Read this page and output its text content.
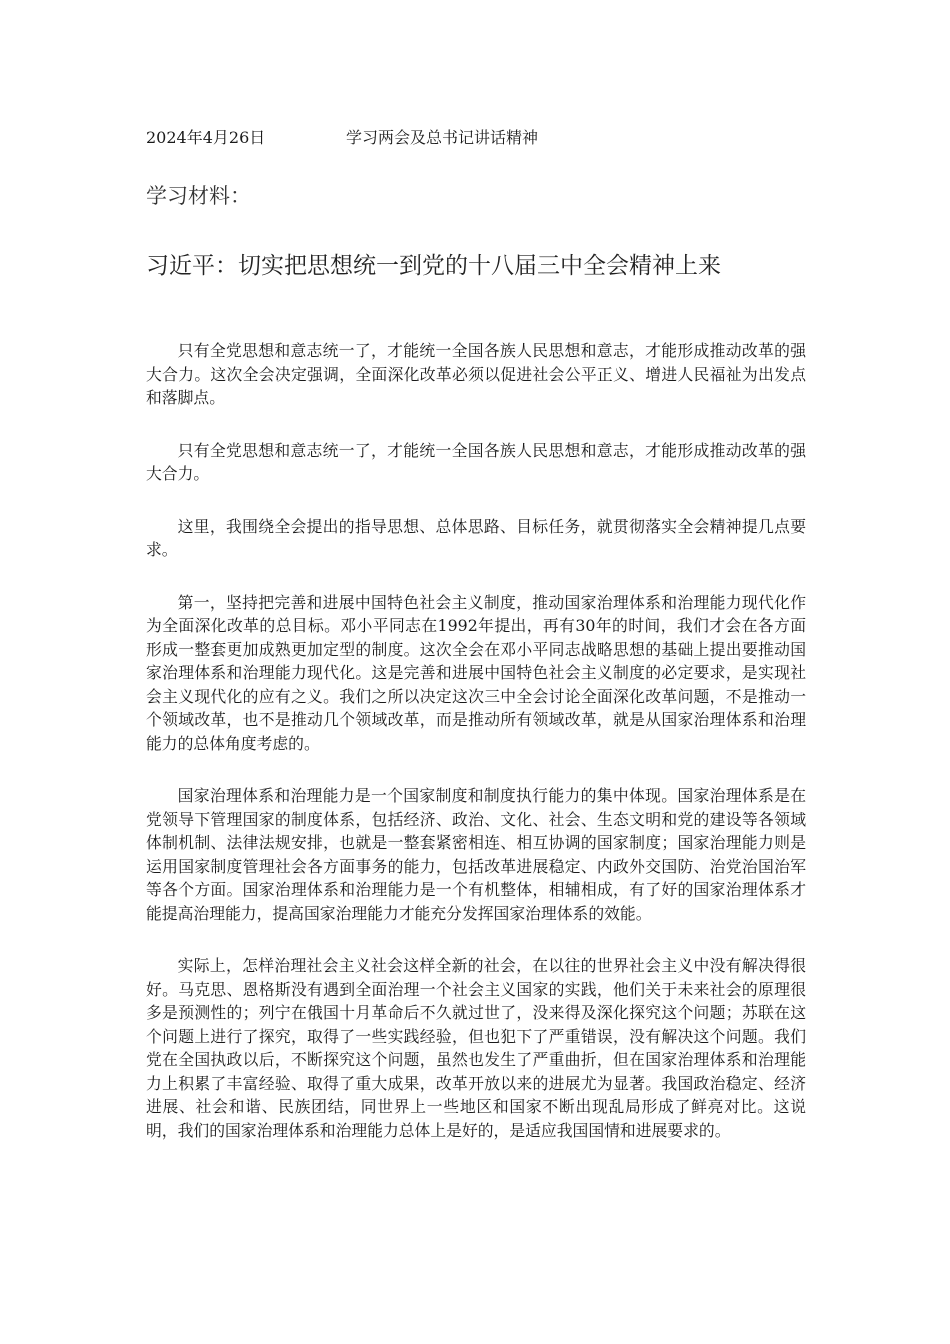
2024年4月26日	学习两会及总书记讲话精神
学习材料：
习近平：切实把思想统一到党的十八届三中全会精神上来

只有全党思想和意志统一了，才能统一全国各族人民思想和意志，才能形成推动改革的强大合力。这次全会决定强调，全面深化改革必须以促进社会公平正义、增进人民福祉为出发点和落脚点。

只有全党思想和意志统一了，才能统一全国各族人民思想和意志，才能形成推动改革的强大合力。

这里，我围绕全会提出的指导思想、总体思路、目标任务，就贯彻落实全会精神提几点要求。

第一，坚持把完善和进展中国特色社会主义制度，推动国家治理体系和治理能力现代化作为全面深化改革的总目标。邓小平同志在1992年提出，再有30年的时间，我们才会在各方面形成一整套更加成熟更加定型的制度。这次全会在邓小平同志战略思想的基础上提出要推动国家治理体系和治理能力现代化。这是完善和进展中国特色社会主义制度的必定要求，是实现社会主义现代化的应有之义。我们之所以决定这次三中全会讨论全面深化改革问题，不是推动一个领域改革，也不是推动几个领域改革，而是推动所有领域改革，就是从国家治理体系和治理能力的总体角度考虑的。

国家治理体系和治理能力是一个国家制度和制度执行能力的集中体现。国家治理体系是在党领导下管理国家的制度体系，包括经济、政治、文化、社会、生态文明和党的建设等各领域体制机制、法律法规安排，也就是一整套紧密相连、相互协调的国家制度；国家治理能力则是运用国家制度管理社会各方面事务的能力，包括改革进展稳定、内政外交国防、治党治国治军等各个方面。国家治理体系和治理能力是一个有机整体，相辅相成，有了好的国家治理体系才能提高治理能力，提高国家治理能力才能充分发挥国家治理体系的效能。

实际上，怎样治理社会主义社会这样全新的社会，在以往的世界社会主义中没有解决得很好。马克思、恩格斯没有遇到全面治理一个社会主义国家的实践，他们关于未来社会的原理很多是预测性的；列宁在俄国十月革命后不久就过世了，没来得及深化探究这个问题；苏联在这个问题上进行了探究，取得了一些实践经验，但也犯下了严重错误，没有解决这个问题。我们党在全国执政以后，不断探究这个问题，虽然也发生了严重曲折，但在国家治理体系和治理能力上积累了丰富经验、取得了重大成果，改革开放以来的进展尤为显著。我国政治稳定、经济进展、社会和谐、民族团结，同世界上一些地区和国家不断出现乱局形成了鲜亮对比。这说明，我们的国家治理体系和治理能力总体上是好的，是适应我国国情和进展要求的。
